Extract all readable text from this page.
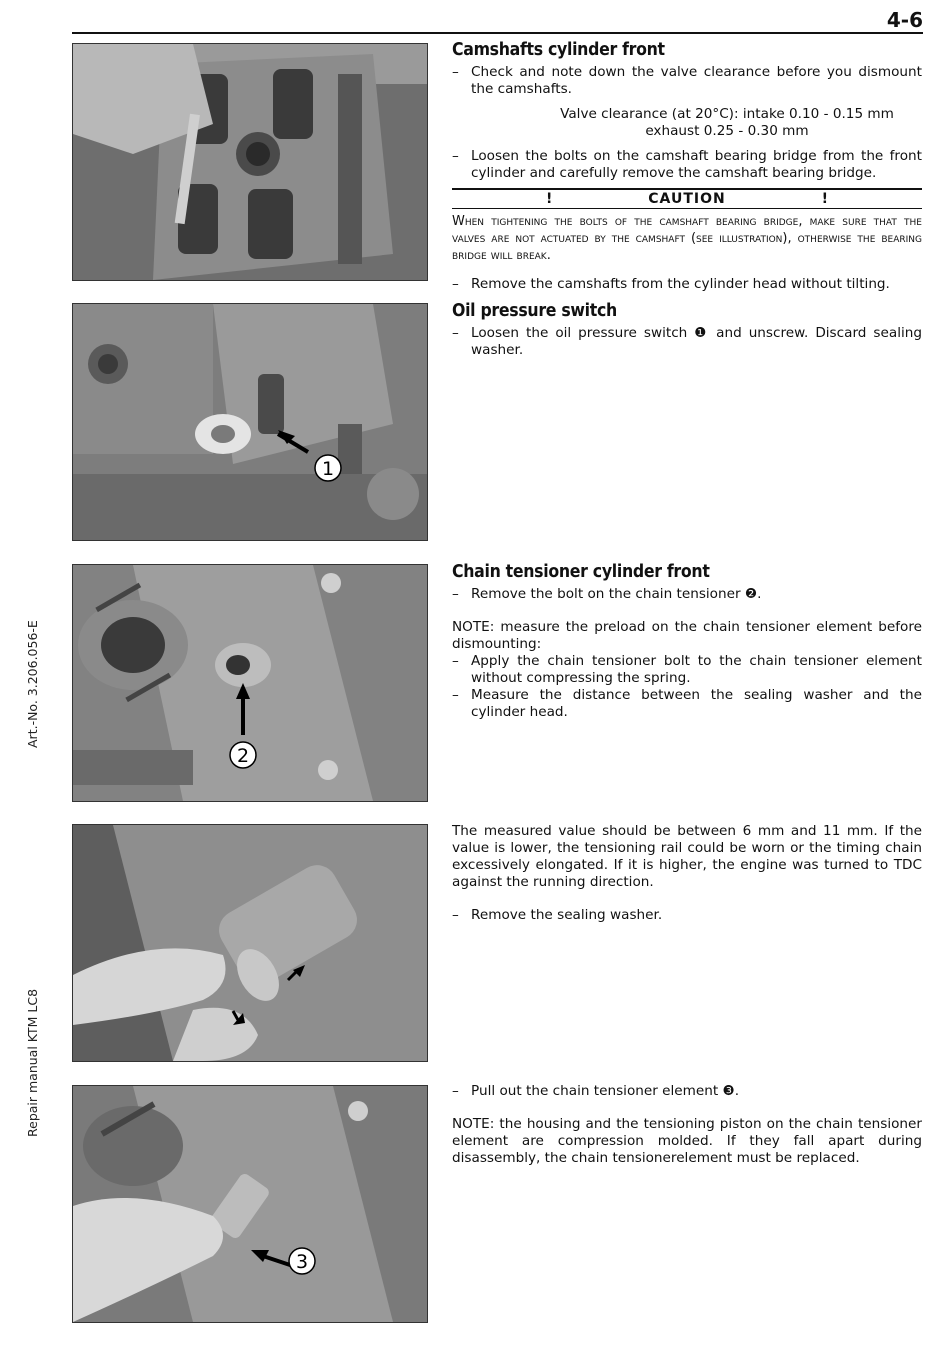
4-6
Art.-No. 3.206.056-E
Repair manual KTM LC8
1
2
3
Camshafts cylinder front
– Check and note down the valve clearance before you dismount the camshafts.

Valve clearance (at 20°C): intake 0.10 - 0.15 mm

exhaust 0.25 - 0.30 mm

– Loosen the bolts on the camshaft bearing bridge from the front cylinder and carefully remove the camshaft bearing bridge.
!	CAUTION	!

When tightening the bolts of the camshaft bearing bridge, make sure that the valves are not actuated by the camshaft (see illustration), otherwise the bearing bridge will break.

– Remove the camshafts from the cylinder head without tilting.
Oil pressure switch
– Loosen the oil pressure switch ❶ and unscrew. Discard sealing washer.
Chain tensioner cylinder front
– Remove the bolt on the chain tensioner ❷.

NOTE: measure the preload on the chain tensioner element before dismounting:

– Apply the chain tensioner bolt to the chain tensioner element without compressing the spring.
– Measure the distance between the sealing washer and the cylinder head.

The measured value should be between 6 mm and 11 mm. If the value is lower, the tensioning rail could be worn or the timing chain excessively elongated. If it is higher, the engine was turned to TDC against the running direction.

– Remove the sealing washer.
– Pull out the chain tensioner element ❸.

NOTE: the housing and the tensioning piston on the chain tensioner element are compression molded. If they fall apart during disassembly, the chain tensionerelement must be replaced.
